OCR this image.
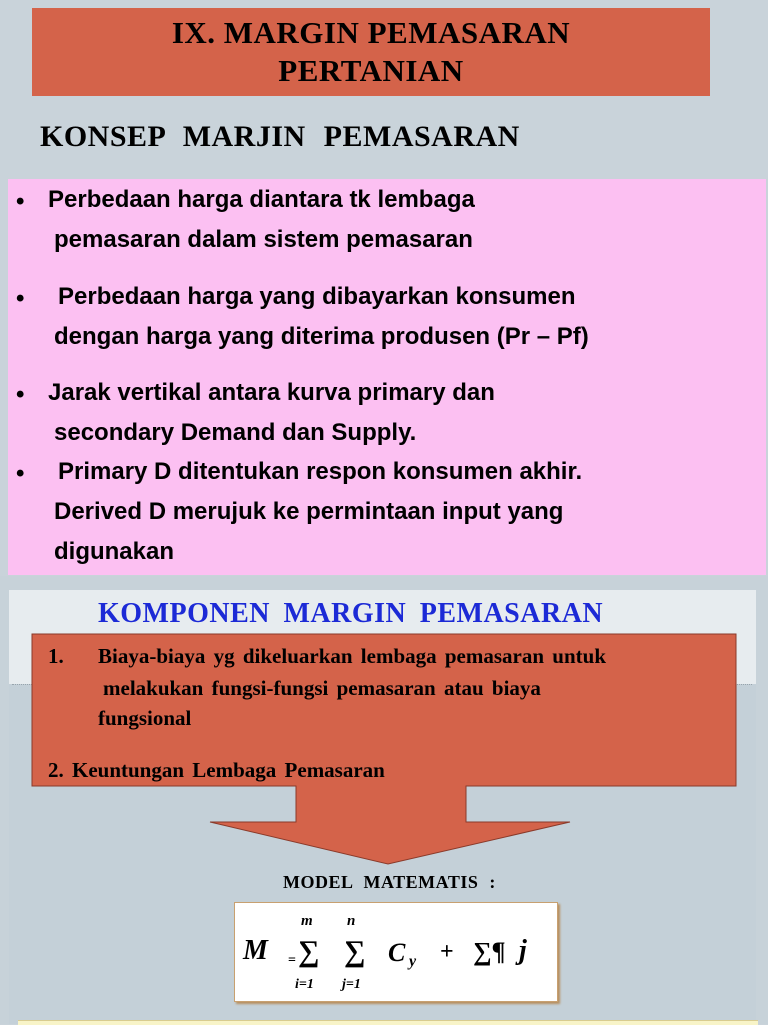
IX. MARGIN PEMASARAN
PERTANIAN
KONSEP MARJIN PEMASARAN
• Perbedaan harga diantara tk lembaga
pemasaran dalam sistem pemasaran
•	Perbedaan harga yang dibayarkan konsumen
dengan harga yang diterima produsen (Pr – Pf)
• Jarak vertikal antara kurva primary dan
secondary Demand dan Supply.
•	Primary D ditentukan respon konsumen akhir.
Derived D merujuk ke permintaan input yang
digunakan
KOMPONEN MARGIN PEMASARAN
1. Biaya-biaya yg dikeluarkan lembaga pemasaran untuk
melakukan fungsi-fungsi pemasaran atau biaya
fungsional
2. Keuntungan Lembaga Pemasaran
MODEL MATEMATIS :
M =
m
∑
i=1
n
∑
j=1
C y + ∑¶ j
